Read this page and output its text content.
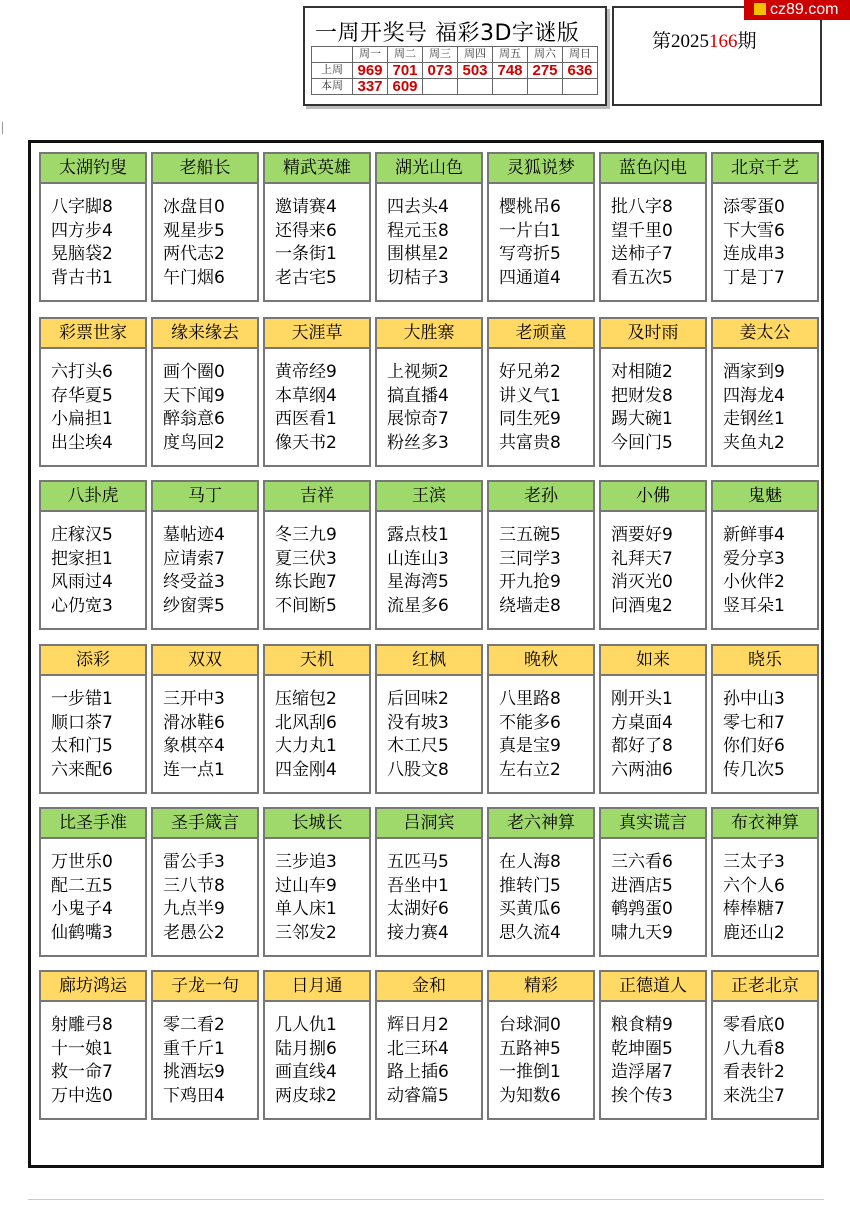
一周开奖号 福彩3D字谜版
	周一	周二	周三	周四	周五	周六	周日
上周	969	701	073	503	748	275	636
本周	337	609					
第2025166期
cz89.com
太湖钓叟
八字脚8
四方步4
晃脑袋2
背古书1
老船长
冰盘目0
观星步5
两代志2
午门烟6
精武英雄
邀请赛4
还得来6
一条街1
老古宅5
湖光山色
四去头4
程元玉8
围棋星2
切桔子3
灵狐说梦
樱桃吊6
一片白1
写弯折5
四通道4
蓝色闪电
批八字8
望千里0
送柿子7
看五次5
北京千艺
添零蛋0
下大雪6
连成串3
丁是丁7
彩票世家
六打头6
存华夏5
小扁担1
出尘埃4
缘来缘去
画个圈0
天下闻9
醉翁意6
度鸟回2
天涯草
黄帝经9
本草纲4
西医看1
像天书2
大胜寨
上视频2
搞直播4
展惊奇7
粉丝多3
老顽童
好兄弟2
讲义气1
同生死9
共富贵8
及时雨
对相随2
把财发8
踢大碗1
今回门5
姜太公
酒家到9
四海龙4
走钢丝1
夹鱼丸2
八卦虎
庄稼汉5
把家担1
风雨过4
心仍宽3
马丁
墓帖迹4
应请索7
终受益3
纱窗霁5
吉祥
冬三九9
夏三伏3
练长跑7
不间断5
王滨
露点枝1
山连山3
星海湾5
流星多6
老孙
三五碗5
三同学3
开九抢9
绕墙走8
小佛
酒要好9
礼拜天7
消灭光0
问酒鬼2
鬼魅
新鲜事4
爱分享3
小伙伴2
竖耳朵1
添彩
一步错1
顺口茶7
太和门5
六来配6
双双
三开中3
滑冰鞋6
象棋卒4
连一点1
天机
压缩包2
北风刮6
大力丸1
四金刚4
红枫
后回味2
没有坡3
木工尺5
八股文8
晚秋
八里路8
不能多6
真是宝9
左右立2
如来
刚开头1
方桌面4
都好了8
六两油6
晓乐
孙中山3
零七和7
你们好6
传几次5
比圣手准
万世乐0
配二五5
小鬼子4
仙鹤嘴3
圣手箴言
雷公手3
三八节8
九点半9
老愚公2
长城长
三步追3
过山车9
单人床1
三邻发2
吕洞宾
五匹马5
吾坐中1
太湖好6
接力赛4
老六神算
在人海8
推转门5
买黄瓜6
思久流4
真实谎言
三六看6
进酒店5
鹌鹑蛋0
啸九天9
布衣神算
三太子3
六个人6
棒棒糖7
鹿还山2
廊坊鸿运
射雕弓8
十一娘1
救一命7
万中选0
子龙一句
零二看2
重千斤1
挑酒坛9
下鸡田4
日月通
几人仇1
陆月捌6
画直线4
两皮球2
金和
辉日月2
北三环4
路上插6
动睿篇5
精彩
台球洞0
五路神5
一推倒1
为知数6
正德道人
粮食精9
乾坤圈5
造浮屠7
挨个传3
正老北京
零看底0
八九看8
看表针2
来洗尘7
